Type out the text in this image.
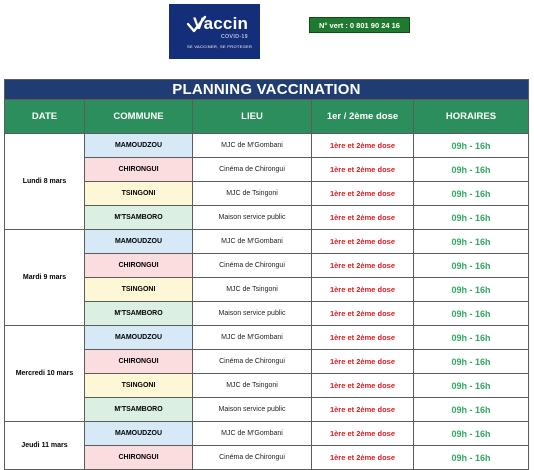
Vaccin
COVID-19
SE VACCINER, SE PROTEGER
N° vert : 0 801 90 24 16
PLANNING VACCINATION				
DATE	COMMUNE	LIEU	1er / 2ème dose	HORAIRES
Lundi 8 mars	MAMOUDZOU	MJC de M'Gombani	1ère et 2ème dose	09h - 16h
	CHIRONGUI	Cinéma de Chirongui	1ère et 2ème dose	09h - 16h
	TSINGONI	MJC de Tsingoni	1ère et 2ème dose	09h - 16h
	M'TSAMBORO	Maison service public	1ère et 2ème dose	09h - 16h
Mardi 9 mars	MAMOUDZOU	MJC de M'Gombani	1ère et 2ème dose	09h - 16h
	CHIRONGUI	Cinéma de Chirongui	1ère et 2ème dose	09h - 16h
	TSINGONI	MJC de Tsingoni	1ère et 2ème dose	09h - 16h
	M'TSAMBORO	Maison service public	1ère et 2ème dose	09h - 16h
Mercredi 10 mars	MAMOUDZOU	MJC de M'Gombani	1ère et 2ème dose	09h - 16h
	CHIRONGUI	Cinéma de Chirongui	1ère et 2ème dose	09h - 16h
	TSINGONI	MJC de Tsingoni	1ère et 2ème dose	09h - 16h
	M'TSAMBORO	Maison service public	1ère et 2ème dose	09h - 16h
Jeudi 11 mars	MAMOUDZOU	MJC de M'Gombani	1ère et 2ème dose	09h - 16h
	CHIRONGUI	Cinéma de Chirongui	1ère et 2ème dose	09h - 16h
